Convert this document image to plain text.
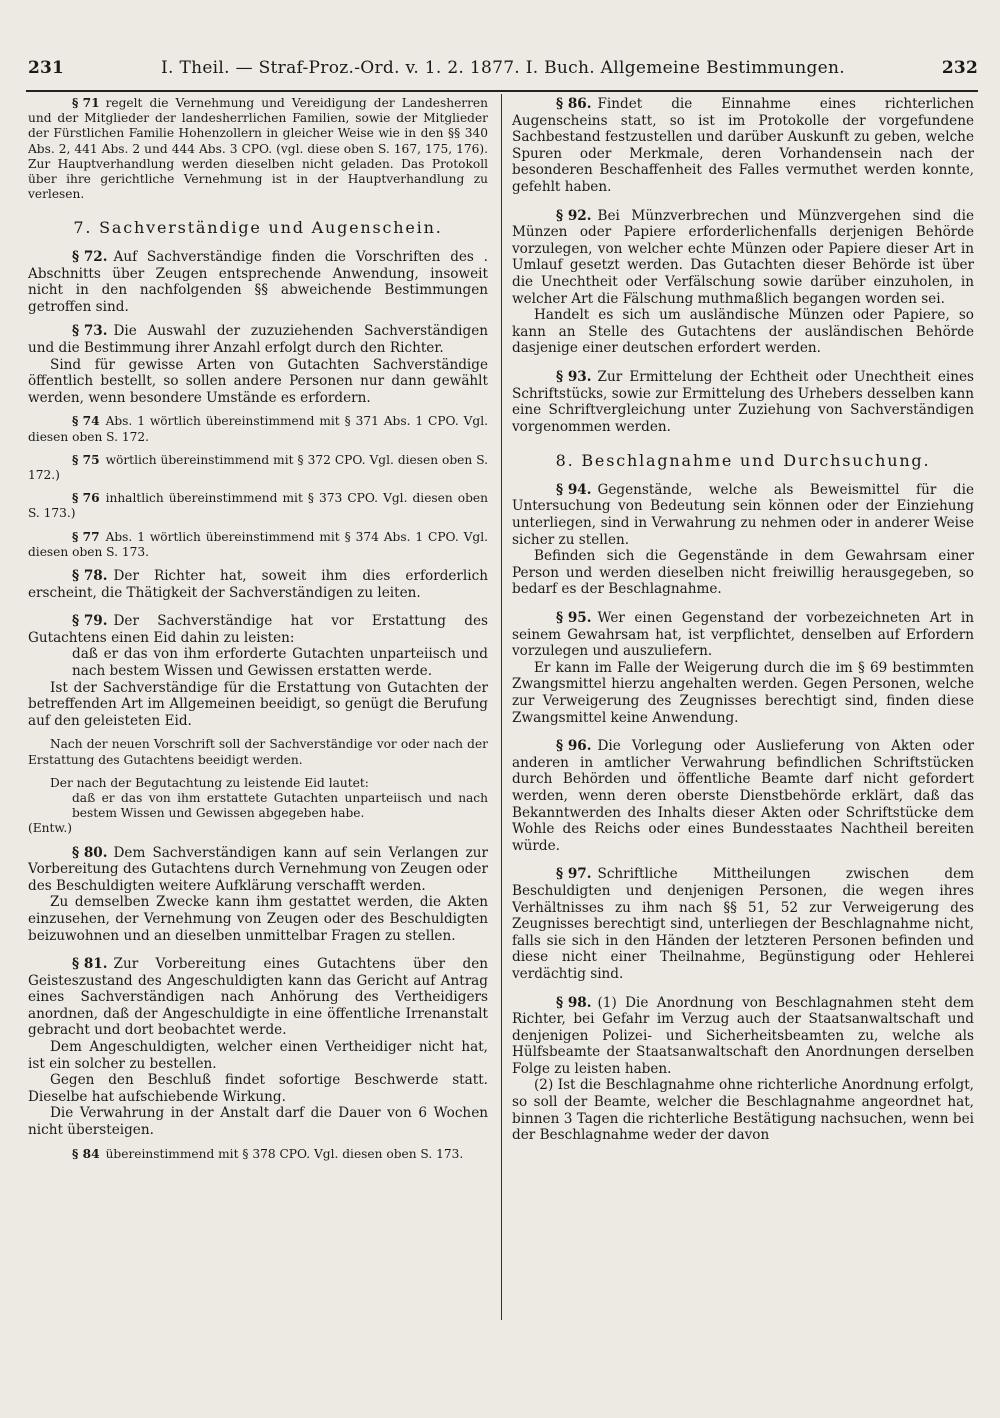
231	I. Theil. — Straf-Proz.-Ord. v. 1. 2. 1877. I. Buch. Allgemeine Bestimmungen.	232

§ 71 regelt die Vernehmung und Vereidigung der Landesherren und der Mitglieder der landesherrlichen Familien, sowie der Mitglieder der Fürstlichen Familie Hohenzollern in gleicher Weise wie in den §§ 340 Abs. 2, 441 Abs. 2 und 444 Abs. 3 CPO. (vgl. diese oben S. 167, 175, 176). Zur Hauptverhandlung werden dieselben nicht geladen. Das Protokoll über ihre gerichtliche Vernehmung ist in der Hauptverhandlung zu verlesen.

7. Sachverständige und Augenschein.

§ 72. Auf Sachverständige finden die Vorschriften des . Abschnitts über Zeugen entsprechende Anwendung, insoweit nicht in den nachfolgenden §§ abweichende Bestimmungen getroffen sind.

§ 73. Die Auswahl der zuzuziehenden Sachverständigen und die Bestimmung ihrer Anzahl erfolgt durch den Richter.

Sind für gewisse Arten von Gutachten Sachverständige öffentlich bestellt, so sollen andere Personen nur dann gewählt werden, wenn besondere Umstände es erfordern.

§ 74 Abs. 1 wörtlich übereinstimmend mit § 371 Abs. 1 CPO. Vgl. diesen oben S. 172.

§ 75 wörtlich übereinstimmend mit § 372 CPO. Vgl. diesen oben S. 172.)

§ 76 inhaltlich übereinstimmend mit § 373 CPO. Vgl. diesen oben S. 173.)

§ 77 Abs. 1 wörtlich übereinstimmend mit § 374 Abs. 1 CPO. Vgl. diesen oben S. 173.

§ 78. Der Richter hat, soweit ihm dies erforderlich erscheint, die Thätigkeit der Sachverständigen zu leiten.

§ 79. Der Sachverständige hat vor Erstattung des Gutachtens einen Eid dahin zu leisten:

daß er das von ihm erforderte Gutachten unparteiisch und nach bestem Wissen und Gewissen erstatten werde.

Ist der Sachverständige für die Erstattung von Gutachten der betreffenden Art im Allgemeinen beeidigt, so genügt die Berufung auf den geleisteten Eid.

Nach der neuen Vorschrift soll der Sachverständige vor oder nach der Erstattung des Gutachtens beeidigt werden.

Der nach der Begutachtung zu leistende Eid lautet:

daß er das von ihm erstattete Gutachten unparteiisch und nach bestem Wissen und Gewissen abgegeben habe.

(Entw.)

§ 80. Dem Sachverständigen kann auf sein Verlangen zur Vorbereitung des Gutachtens durch Vernehmung von Zeugen oder des Beschuldigten weitere Aufklärung verschafft werden.

Zu demselben Zwecke kann ihm gestattet werden, die Akten einzusehen, der Vernehmung von Zeugen oder des Beschuldigten beizuwohnen und an dieselben unmittelbar Fragen zu stellen.

§ 81. Zur Vorbereitung eines Gutachtens über den Geisteszustand des Angeschuldigten kann das Gericht auf Antrag eines Sachverständigen nach Anhörung des Vertheidigers anordnen, daß der Angeschuldigte in eine öffentliche Irrenanstalt gebracht und dort beobachtet werde.

Dem Angeschuldigten, welcher einen Vertheidiger nicht hat, ist ein solcher zu bestellen.

Gegen den Beschluß findet sofortige Beschwerde statt. Dieselbe hat aufschiebende Wirkung.

Die Verwahrung in der Anstalt darf die Dauer von 6 Wochen nicht übersteigen.

§ 84 übereinstimmend mit § 378 CPO. Vgl. diesen oben S. 173.

§ 86. Findet die Einnahme eines richterlichen Augenscheins statt, so ist im Protokolle der vorgefundene Sachbestand festzustellen und darüber Auskunft zu geben, welche Spuren oder Merkmale, deren Vorhandensein nach der besonderen Beschaffenheit des Falles vermuthet werden konnte, gefehlt haben.

§ 92. Bei Münzverbrechen und Münzvergehen sind die Münzen oder Papiere erforderlichenfalls derjenigen Behörde vorzulegen, von welcher echte Münzen oder Papiere dieser Art in Umlauf gesetzt werden. Das Gutachten dieser Behörde ist über die Unechtheit oder Verfälschung sowie darüber einzuholen, in welcher Art die Fälschung muthmaßlich begangen worden sei.

Handelt es sich um ausländische Münzen oder Papiere, so kann an Stelle des Gutachtens der ausländischen Behörde dasjenige einer deutschen erfordert werden.

§ 93. Zur Ermittelung der Echtheit oder Unechtheit eines Schriftstücks, sowie zur Ermittelung des Urhebers desselben kann eine Schriftvergleichung unter Zuziehung von Sachverständigen vorgenommen werden.

8. Beschlagnahme und Durchsuchung.

§ 94. Gegenstände, welche als Beweismittel für die Untersuchung von Bedeutung sein können oder der Einziehung unterliegen, sind in Verwahrung zu nehmen oder in anderer Weise sicher zu stellen.

Befinden sich die Gegenstände in dem Gewahrsam einer Person und werden dieselben nicht freiwillig herausgegeben, so bedarf es der Beschlagnahme.

§ 95. Wer einen Gegenstand der vorbezeichneten Art in seinem Gewahrsam hat, ist verpflichtet, denselben auf Erfordern vorzulegen und auszuliefern.

Er kann im Falle der Weigerung durch die im § 69 bestimmten Zwangsmittel hierzu angehalten werden. Gegen Personen, welche zur Verweigerung des Zeugnisses berechtigt sind, finden diese Zwangsmittel keine Anwendung.

§ 96. Die Vorlegung oder Auslieferung von Akten oder anderen in amtlicher Verwahrung befindlichen Schriftstücken durch Behörden und öffentliche Beamte darf nicht gefordert werden, wenn deren oberste Dienstbehörde erklärt, daß das Bekanntwerden des Inhalts dieser Akten oder Schriftstücke dem Wohle des Reichs oder eines Bundesstaates Nachtheil bereiten würde.

§ 97. Schriftliche Mittheilungen zwischen dem Beschuldigten und denjenigen Personen, die wegen ihres Verhältnisses zu ihm nach §§ 51, 52 zur Verweigerung des Zeugnisses berechtigt sind, unterliegen der Beschlagnahme nicht, falls sie sich in den Händen der letzteren Personen befinden und diese nicht einer Theilnahme, Begünstigung oder Hehlerei verdächtig sind.

§ 98. (1) Die Anordnung von Beschlagnahmen steht dem Richter, bei Gefahr im Verzug auch der Staatsanwaltschaft und denjenigen Polizei- und Sicherheitsbeamten zu, welche als Hülfsbeamte der Staatsanwaltschaft den Anordnungen derselben Folge zu leisten haben.

(2) Ist die Beschlagnahme ohne richterliche Anordnung erfolgt, so soll der Beamte, welcher die Beschlagnahme angeordnet hat, binnen 3 Tagen die richterliche Bestätigung nachsuchen, wenn bei der Beschlagnahme weder der davon
